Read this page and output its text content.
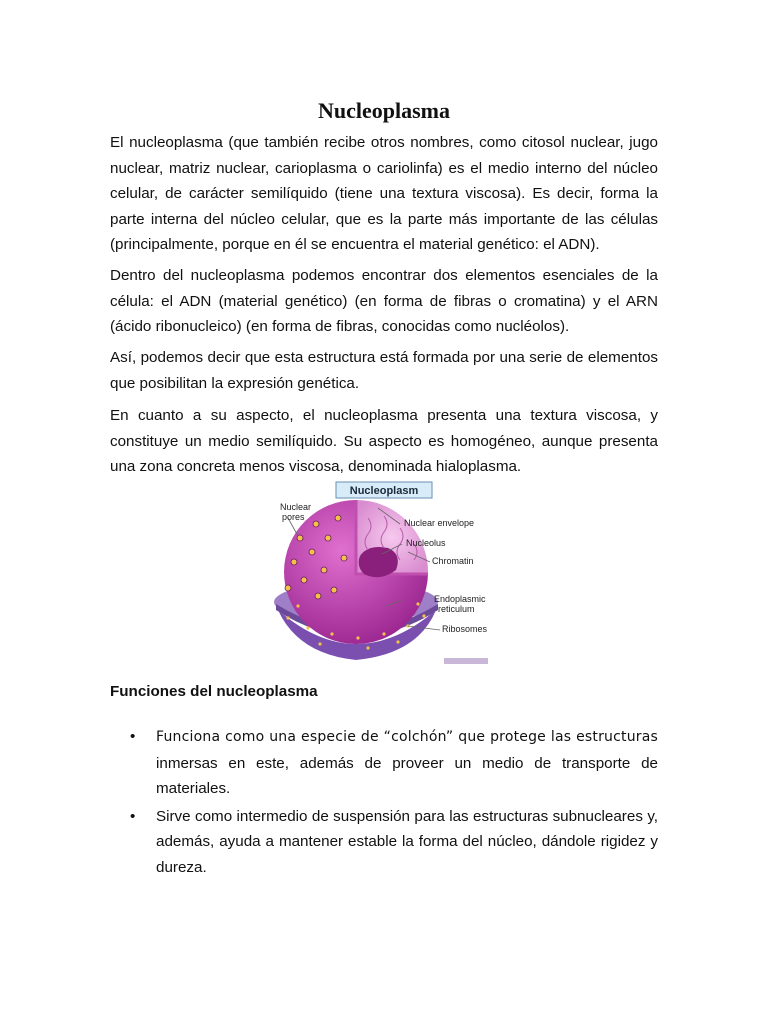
Nucleoplasma

El nucleoplasma (que también recibe otros nombres, como citosol nuclear, jugo nuclear, matriz nuclear, carioplasma o cariolinfa) es el medio interno del núcleo celular, de carácter semilíquido (tiene una textura viscosa). Es decir, forma la parte interna del núcleo celular, que es la parte más importante de las células (principalmente, porque en él se encuentra el material genético: el ADN).

Dentro del nucleoplasma podemos encontrar dos elementos esenciales de la célula: el ADN (material genético) (en forma de fibras o cromatina) y el ARN (ácido ribonucleico) (en forma de fibras, conocidas como nucléolos).

Así, podemos decir que esta estructura está formada por una serie de elementos que posibilitan la expresión genética.

En cuanto a su aspecto, el nucleoplasma presenta una textura viscosa, y constituye un medio semilíquido. Su aspecto es homogéneo, aunque presenta una zona concreta menos viscosa, denominada hialoplasma.

Nucleoplasm
Nuclear
pores
Nuclear envelope
Nucleolus
Chromatin
Endoplasmic
reticulum
Ribosomes
Funciones del nucleoplasma
• Funciona como una especie de “colchón” que protege las estructuras inmersas en este, además de proveer un medio de transporte de materiales.
• Sirve como intermedio de suspensión para las estructuras subnucleares y, además, ayuda a mantener estable la forma del núcleo, dándole rigidez y dureza.
